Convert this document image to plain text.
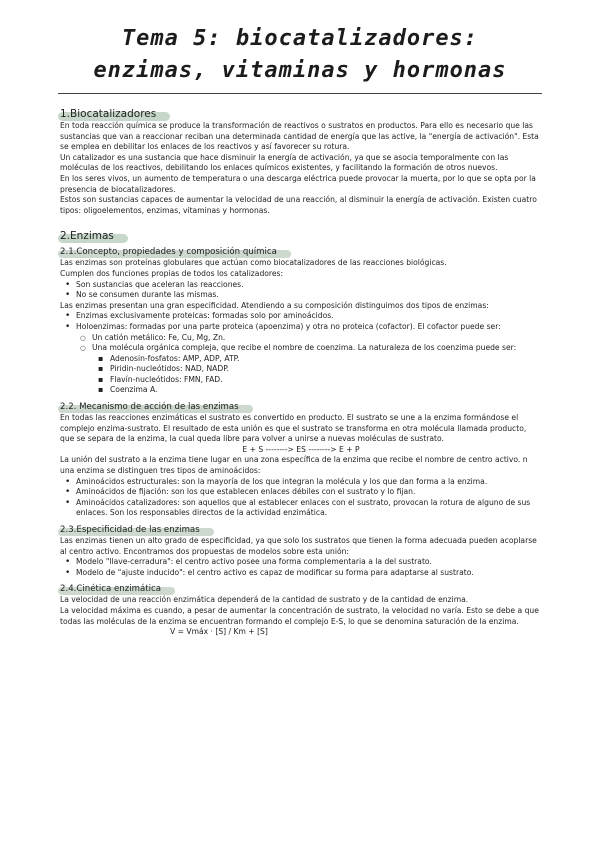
Tema 5: biocatalizadores:
enzimas, vitaminas y hormonas
1.Biocatalizadores

En toda reacción química se produce la transformación de reactivos o sustratos en productos. Para ello es necesario que las sustancias que van a reaccionar reciban una determinada cantidad de energía que las active, la "energía de activación". Esta se emplea en debilitar los enlaces de los reactivos y así favorecer su rotura.

Un catalizador es una sustancia que hace disminuir la energía de activación, ya que se asocia temporalmente con las moléculas de los reactivos, debilitando los enlaces químicos existentes, y facilitando la formación de otros nuevos.

En los seres vivos, un aumento de temperatura o una descarga eléctrica puede provocar la muerta, por lo que se opta por la presencia de biocatalizadores.

Estos son sustancias capaces de aumentar la velocidad de una reacción, al disminuir la energía de activación. Existen cuatro tipos: oligoelementos, enzimas, vitaminas y hormonas.

2.Enzimas
2.1.Concepto, propiedades y composición química

Las enzimas son proteínas globulares que actúan como biocatalizadores de las reacciones biológicas.

Cumplen dos funciones propias de todos los catalizadores:

• Son sustancias que aceleran las reacciones.
• No se consumen durante las mismas.

Las enzimas presentan una gran especificidad. Atendiendo a su composición distinguimos dos tipos de enzimas:

• Enzimas exclusivamente proteicas: formadas solo por aminoácidos.
• Holoenzimas: formadas por una parte proteica (apoenzima) y otra no proteica (cofactor). El cofactor puede ser:
○ Un catión metálico: Fe, Cu, Mg, Zn.
○ Una molécula orgánica compleja, que recibe el nombre de coenzima. La naturaleza de los coenzima puede ser:
▪ Adenosin-fosfatos: AMP, ADP, ATP.
▪ Piridin-nucleótidos: NAD, NADP.
▪ Flavín-nucleótidos: FMN, FAD.
▪ Coenzima A.
2.2. Mecanismo de acción de las enzimas

En todas las reacciones enzimáticas el sustrato es convertido en producto. El sustrato se une a la enzima formándose el complejo enzima-sustrato. El resultado de esta unión es que el sustrato se transforma en otra molécula llamada producto, que se separa de la enzima, la cual queda libre para volver a unirse a nuevas moléculas de sustrato.

E + S --------> ES --------> E + P

La unión del sustrato a la enzima tiene lugar en una zona específica de la enzima que recibe el nombre de centro activo. n una enzima se distinguen tres tipos de aminoácidos:

• Aminoácidos estructurales: son la mayoría de los que integran la molécula y los que dan forma a la enzima.
• Aminoácidos de fijación: son los que establecen enlaces débiles con el sustrato y lo fijan.
• Aminoácidos catalizadores: son aquellos que al establecer enlaces con el sustrato, provocan la rotura de alguno de sus enlaces. Son los responsables directos de la actividad enzimática.
2.3.Especificidad de las enzimas

Las enzimas tienen un alto grado de especificidad, ya que solo los sustratos que tienen la forma adecuada pueden acoplarse al centro activo. Encontramos dos propuestas de modelos sobre esta unión:

• Modelo "llave-cerradura": el centro activo posee una forma complementaria a la del sustrato.
• Modelo de "ajuste inducido": el centro activo es capaz de modificar su forma para adaptarse al sustrato.
2.4.Cinética enzimática

La velocidad de una reacción enzimática dependerá de la cantidad de sustrato y de la cantidad de enzima.

La velocidad máxima es cuando, a pesar de aumentar la concentración de sustrato, la velocidad no varía. Esto se debe a que todas las moléculas de la enzima se encuentran formando el complejo E-S, lo que se denomina saturación de la enzima.V = Vmáx · [S] / Km + [S]
